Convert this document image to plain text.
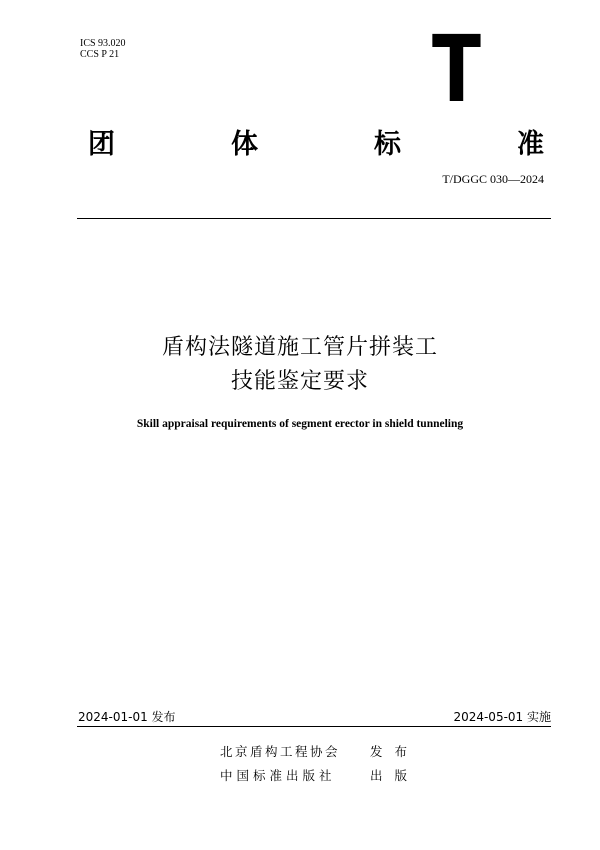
ICS 93.020
CCS P 21	T
团	体	标	准
T/DGGC 030—2024
盾构法隧道施工管片拼装工
技能鉴定要求
Skill appraisal requirements of segment erector in shield tunneling
2024-01-01 发布	2024-05-01 实施
北京盾构工程协会 发布
中国标准出版社	出版
